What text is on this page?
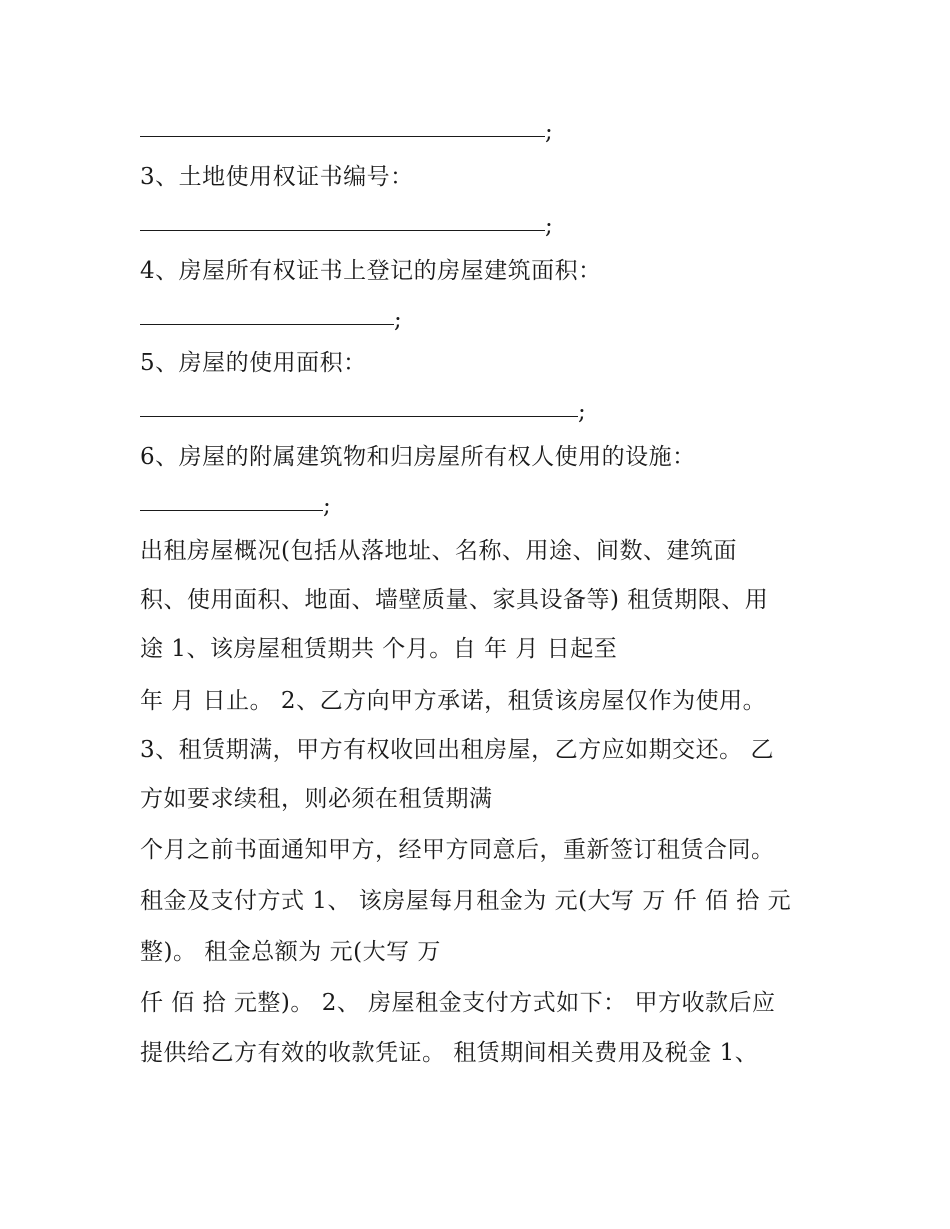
;
3、土地使用权证书编号：
;
4、房屋所有权证书上登记的房屋建筑面积：
;
5、房屋的使用面积：
;
6、房屋的附属建筑物和归房屋所有权人使用的设施：
;
出租房屋概况(包括从落地址、名称、用途、间数、建筑面
积、使用面积、地面、墙壁质量、家具设备等) 租赁期限、用
途 1、该房屋租赁期共 个月。自 年 月 日起至
年 月 日止。 2、乙方向甲方承诺，租赁该房屋仅作为使用。
3、租赁期满，甲方有权收回出租房屋，乙方应如期交还。 乙
方如要求续租，则必须在租赁期满
个月之前书面通知甲方，经甲方同意后，重新签订租赁合同。
租金及支付方式 1、 该房屋每月租金为 元(大写 万 仟 佰 拾 元
整)。 租金总额为 元(大写 万
仟 佰 拾 元整)。 2、 房屋租金支付方式如下： 甲方收款后应
提供给乙方有效的收款凭证。 租赁期间相关费用及税金 1、
